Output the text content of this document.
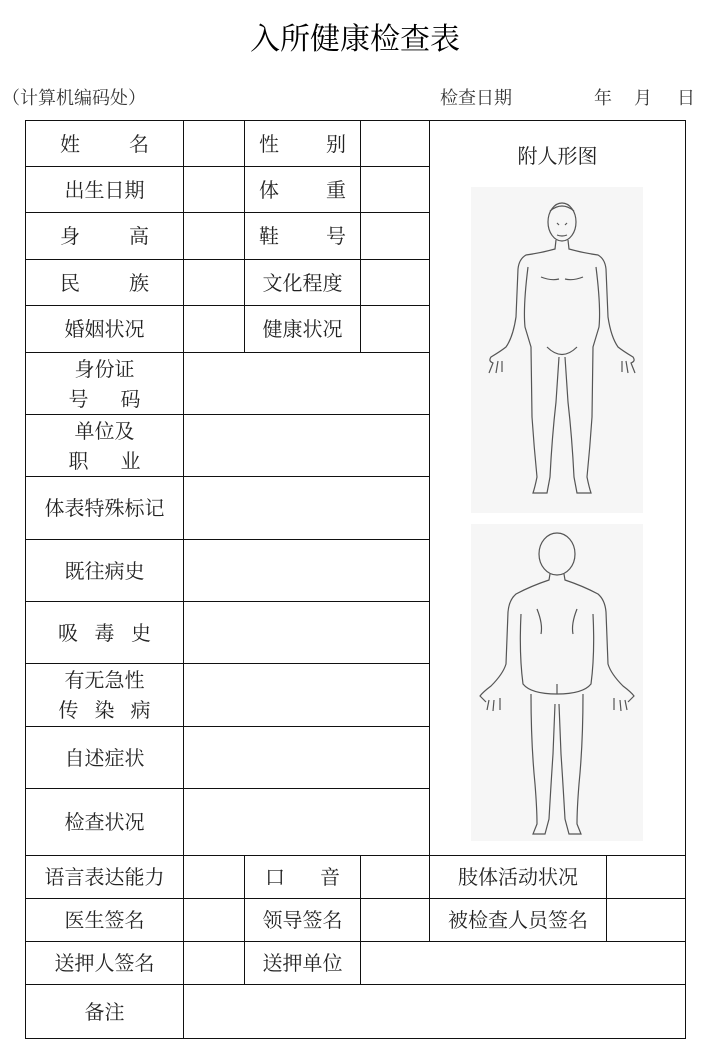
入所健康检查表
（计算机编码处）	检查日期	年 月 日
姓 名	性 别
出生日期	体 重
身 高	鞋 号
民 族	文化程度
婚姻状况	健康状况
身份证
号 码
单位及
职 业
体表特殊标记
既往病史
吸 毒 史
有无急性
传 染 病
自述症状
检查状况
附人形图
语言表达能力	口 音	肢体活动状况
医生签名	领导签名	被检查人员签名
送押人签名	送押单位
备注
